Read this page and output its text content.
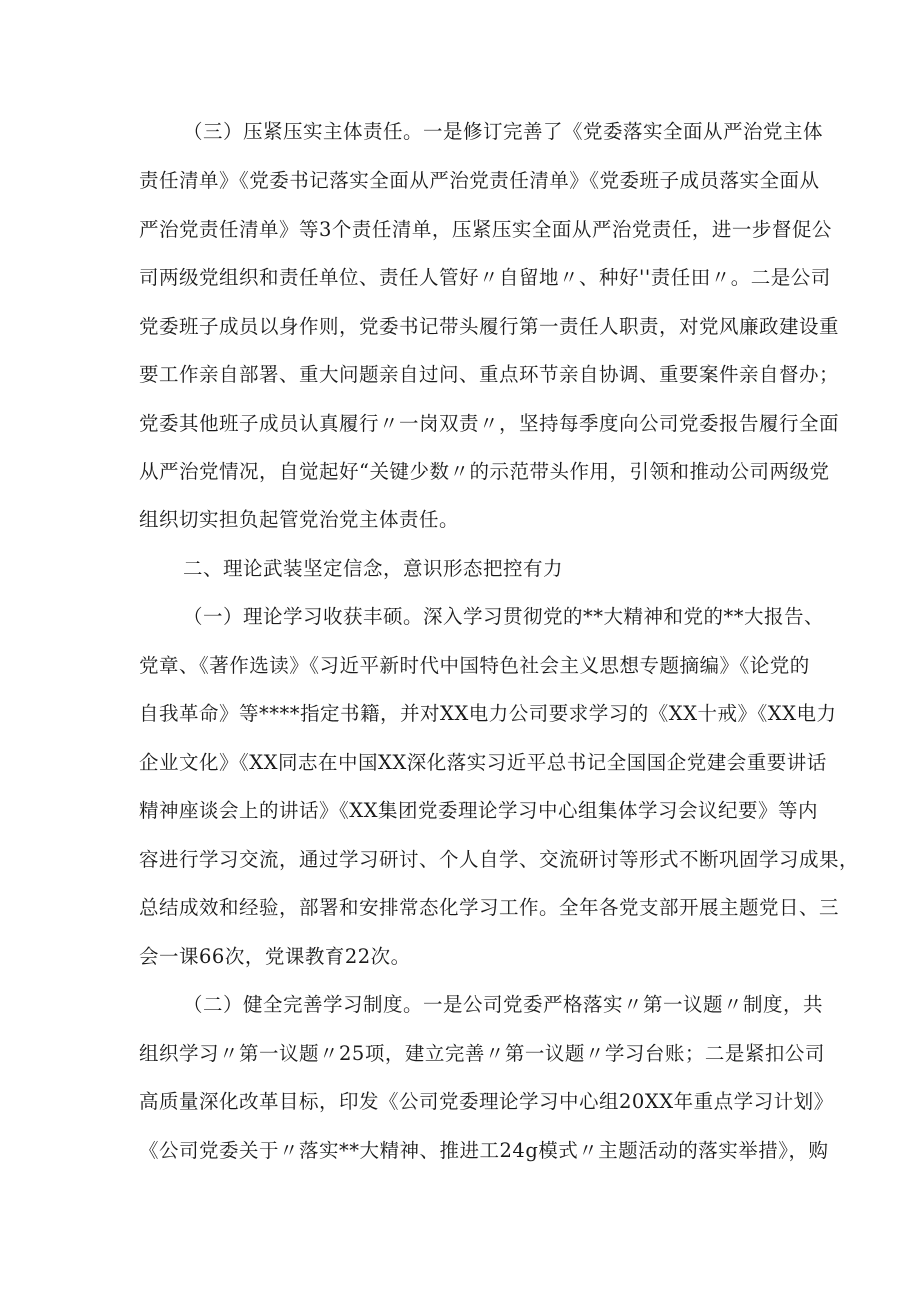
（三）压紧压实主体责任。一是修订完善了《党委落实全面从严治党主体
责任清单》《党委书记落实全面从严治党责任清单》《党委班子成员落实全面从
严治党责任清单》等3个责任清单，压紧压实全面从严治党责任，进一步督促公
司两级党组织和责任单位、责任人管好〃自留地〃、种好''责任田〃。二是公司
党委班子成员以身作则，党委书记带头履行第一责任人职责，对党风廉政建设重
要工作亲自部署、重大问题亲自过问、重点环节亲自协调、重要案件亲自督办；
党委其他班子成员认真履行〃一岗双责〃，坚持每季度向公司党委报告履行全面
从严治党情况，自觉起好“关键少数〃的示范带头作用，引领和推动公司两级党
组织切实担负起管党治党主体责任。
二、理论武装坚定信念，意识形态把控有力
（一）理论学习收获丰硕。深入学习贯彻党的**大精神和党的**大报告、
党章、《著作选读》《习近平新时代中国特色社会主义思想专题摘编》《论党的
自我革命》等****指定书籍，并对XX电力公司要求学习的《XX十戒》《XX电力
企业文化》《XX同志在中国XX深化落实习近平总书记全国国企党建会重要讲话
精神座谈会上的讲话》《XX集团党委理论学习中心组集体学习会议纪要》等内
容进行学习交流，通过学习研讨、个人自学、交流研讨等形式不断巩固学习成果，
总结成效和经验，部署和安排常态化学习工作。全年各党支部开展主题党日、三
会一课66次，党课教育22次。
（二）健全完善学习制度。一是公司党委严格落实〃第一议题〃制度，共
组织学习〃第一议题〃25项，建立完善〃第一议题〃学习台账；二是紧扣公司
高质量深化改革目标，印发《公司党委理论学习中心组20XX年重点学习计划》
《公司党委关于〃落实**大精神、推进工24g模式〃主题活动的落实举措》，购
